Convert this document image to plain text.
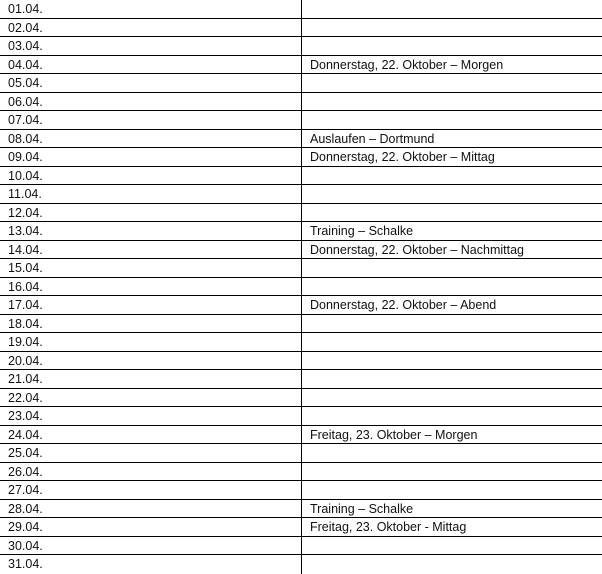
01.04.
02.04.
03.04.
04.04.	Donnerstag, 22. Oktober – Morgen
05.04.
06.04.
07.04.
08.04.	Auslaufen – Dortmund
09.04.	Donnerstag, 22. Oktober – Mittag
10.04.
11.04.
12.04.
13.04.	Training – Schalke
14.04.	Donnerstag, 22. Oktober – Nachmittag
15.04.
16.04.
17.04.	Donnerstag, 22. Oktober – Abend
18.04.
19.04.
20.04.
21.04.
22.04.
23.04.
24.04.	Freitag, 23. Oktober – Morgen
25.04.
26.04.
27.04.
28.04.	Training – Schalke
29.04.	Freitag, 23. Oktober - Mittag
30.04.
31.04.
